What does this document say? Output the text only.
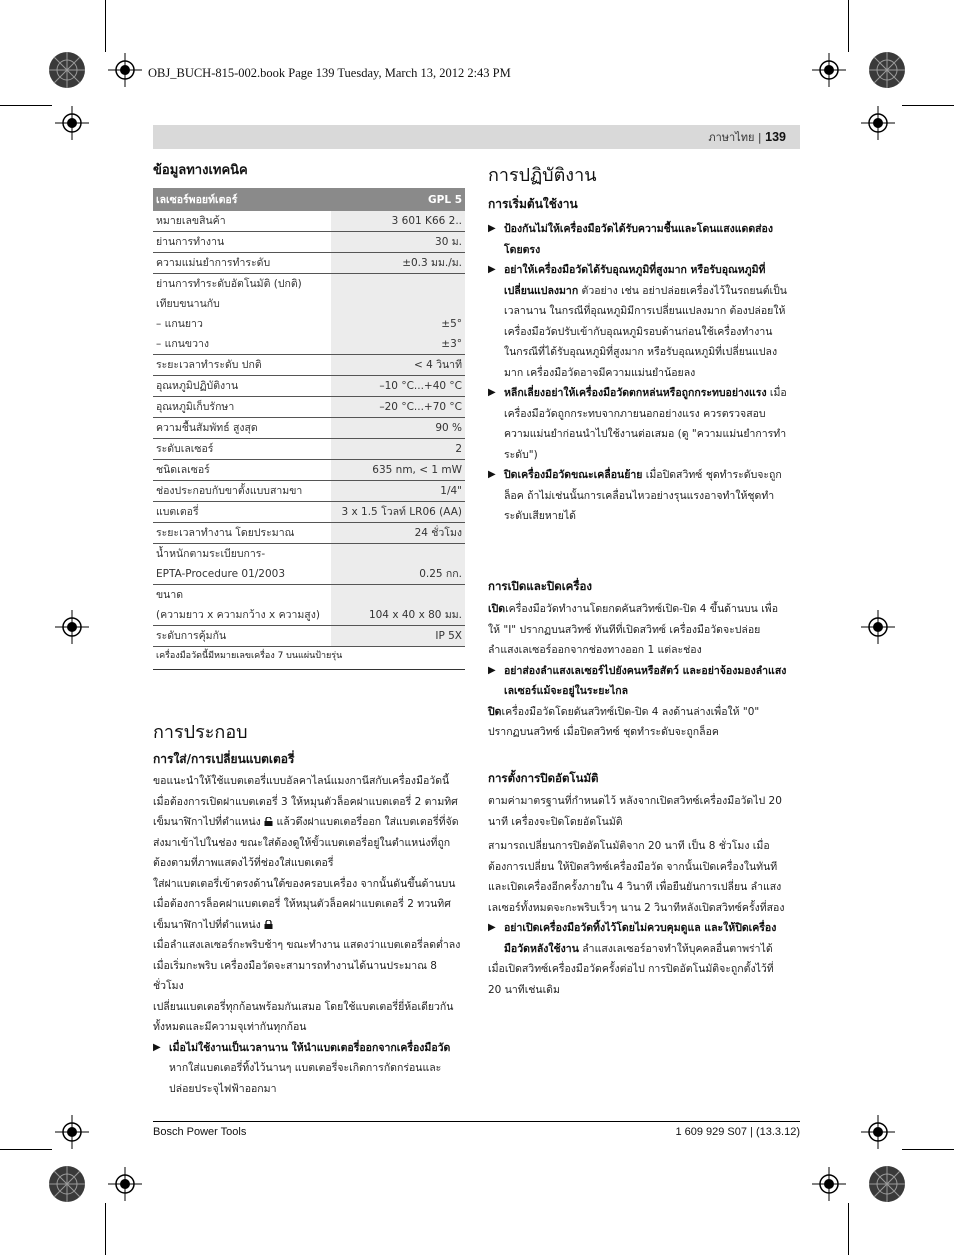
OBJ_BUCH-815-002.book Page 139 Tuesday, March 13, 2012 2:43 PM
ภาษาไทย | 139
ข้อมูลทางเทคนิค
เลเซอร์พอยท์เตอร์	GPL 5
หมายเลขสินค้า	3 601 K66 2..
ย่านการทำงาน	30 ม.
ความแม่นยำการทำระดับ	±0.3 มม./ม.
ย่านการทำระดับอัตโนมัติ (ปกติ)	
เทียบขนานกับ	
– แกนยาว	±5°
– แกนขวาง	±3°
ระยะเวลาทำระดับ ปกติ	< 4 วินาที
อุณหภูมิปฏิบัติงาน	–10 °C...+40 °C
อุณหภูมิเก็บรักษา	–20 °C...+70 °C
ความชื้นสัมพัทธ์ สูงสุด	90 %
ระดับเลเซอร์	2
ชนิดเลเซอร์	635 nm, < 1 mW
ช่องประกอบกับขาตั้งแบบสามขา	1/4"
แบตเตอรี่	3 x 1.5 โวลท์ LR06 (AA)
ระยะเวลาทำงาน โดยประมาณ	24 ชั่วโมง
น้ำหนักตามระเบียบการ-	
EPTA-Procedure 01/2003	0.25 กก.
ขนาด	
(ความยาว x ความกว้าง x ความสูง)	104 x 40 x 80 มม.
ระดับการคุ้มกัน	IP 5X
เครื่องมือวัดนี้มีหมายเลขเครื่อง 7 บนแผ่นป้ายรุ่น	
การประกอบ
การใส่/การเปลี่ยนแบตเตอรี่
ขอแนะนำให้ใช้แบตเตอรี่แบบอัลคาไลน์แมงกานีสกับเครื่องมือวัดนี้
เมื่อต้องการเปิดฝาแบตเตอรี่ 3 ให้หมุนตัวล็อคฝาแบตเตอรี่ 2 ตามทิศเข็มนาฬิกาไปที่ตำแหน่ง แล้วดึงฝาแบตเตอรี่ออก ใส่แบตเตอรี่ที่จัดส่งมาเข้าไปในช่อง ขณะใส่ต้องดูให้ขั้วแบตเตอรี่อยู่ในตำแหน่งที่ถูกต้องตามที่ภาพแสดงไว้ที่ช่องใส่แบตเตอรี่
ใส่ฝาแบตเตอรี่เข้าตรงด้านใต้ของครอบเครื่อง จากนั้นดันขึ้นด้านบน เมื่อต้องการล็อคฝาแบตเตอรี่ ให้หมุนตัวล็อคฝาแบตเตอรี่ 2 ทวนทิศเข็มนาฬิกาไปที่ตำแหน่ง
เมื่อลำแสงเลเซอร์กะพริบช้าๆ ขณะทำงาน แสดงว่าแบตเตอรี่ลดต่ำลง เมื่อเริ่มกะพริบ เครื่องมือวัดจะสามารถทำงานได้นานประมาณ 8 ชั่วโมง
เปลี่ยนแบตเตอรี่ทุกก้อนพร้อมกันเสมอ โดยใช้แบตเตอรี่ยี่ห้อเดียวกันทั้งหมดและมีความจุเท่ากันทุกก้อน
▶ เมื่อไม่ใช้งานเป็นเวลานาน ให้นำแบตเตอรี่ออกจากเครื่องมือวัด หากใส่แบตเตอรี่ทิ้งไว้นานๆ แบตเตอรี่จะเกิดการกัดกร่อนและปล่อยประจุไฟฟ้าออกมา
การปฏิบัติงาน
การเริ่มต้นใช้งาน
▶ ป้องกันไม่ให้เครื่องมือวัดได้รับความชื้นและโดนแสงแดดส่องโดยตรง
▶ อย่าให้เครื่องมือวัดได้รับอุณหภูมิที่สูงมาก หรือรับอุณหภูมิที่เปลี่ยนแปลงมาก ตัวอย่าง เช่น อย่าปล่อยเครื่องไว้ในรถยนต์เป็นเวลานาน ในกรณีที่อุณหภูมิมีการเปลี่ยนแปลงมาก ต้องปล่อยให้เครื่องมือวัดปรับเข้ากับอุณหภูมิรอบด้านก่อนใช้เครื่องทำงาน ในกรณีที่ได้รับอุณหภูมิที่สูงมาก หรือรับอุณหภูมิที่เปลี่ยนแปลงมาก เครื่องมือวัดอาจมีความแม่นยำน้อยลง
▶ หลีกเลี่ยงอย่าให้เครื่องมือวัดตกหล่นหรือถูกกระทบอย่างแรง เมื่อเครื่องมือวัดถูกกระทบจากภายนอกอย่างแรง ควรตรวจสอบความแม่นยำก่อนนำไปใช้งานต่อเสมอ (ดู "ความแม่นยำการทำระดับ")
▶ ปิดเครื่องมือวัดขณะเคลื่อนย้าย เมื่อปิดสวิทซ์ ชุดทำระดับจะถูกล็อค ถ้าไม่เช่นนั้นการเคลื่อนไหวอย่างรุนแรงอาจทำให้ชุดทำระดับเสียหายได้
การเปิดและปิดเครื่อง
เปิดเครื่องมือวัดทำงานโดยกดคันสวิทซ์เปิด-ปิด 4 ขึ้นด้านบน เพื่อให้ "I" ปรากฏบนสวิทซ์ ทันทีที่เปิดสวิทซ์ เครื่องมือวัดจะปล่อยลำแสงเลเซอร์ออกจากช่องทางออก 1 แต่ละช่อง
▶ อย่าส่องลำแสงเลเซอร์ไปยังคนหรือสัตว์ และอย่าจ้องมองลำแสงเลเซอร์แม้จะอยู่ในระยะไกล
ปิดเครื่องมือวัดโดยดันสวิทซ์เปิด-ปิด 4 ลงด้านล่างเพื่อให้ "0" ปรากฏบนสวิทซ์ เมื่อปิดสวิทซ์ ชุดทำระดับจะถูกล็อค
การตั้งการปิดอัตโนมัติ
ตามค่ามาตรฐานที่กำหนดไว้ หลังจากเปิดสวิทซ์เครื่องมือวัดไป 20 นาที เครื่องจะปิดโดยอัตโนมัติ
สามารถเปลี่ยนการปิดอัตโนมัติจาก 20 นาที เป็น 8 ชั่วโมง เมื่อต้องการเปลี่ยน ให้ปิดสวิทซ์เครื่องมือวัด จากนั้นเปิดเครื่องในทันทีและเปิดเครื่องอีกครั้งภายใน 4 วินาที เพื่อยืนยันการเปลี่ยน ลำแสงเลเซอร์ทั้งหมดจะกะพริบเร็วๆ นาน 2 วินาทีหลังเปิดสวิทซ์ครั้งที่สอง
▶ อย่าเปิดเครื่องมือวัดทิ้งไว้โดยไม่ควบคุมดูแล และให้ปิดเครื่องมือวัดหลังใช้งาน ลำแสงเลเซอร์อาจทำให้บุคคลอื่นตาพร่าได้
เมื่อเปิดสวิทซ์เครื่องมือวัดครั้งต่อไป การปิดอัตโนมัติจะถูกตั้งไว้ที่ 20 นาทีเช่นเดิม
Bosch Power Tools	1 609 929 S07 | (13.3.12)
